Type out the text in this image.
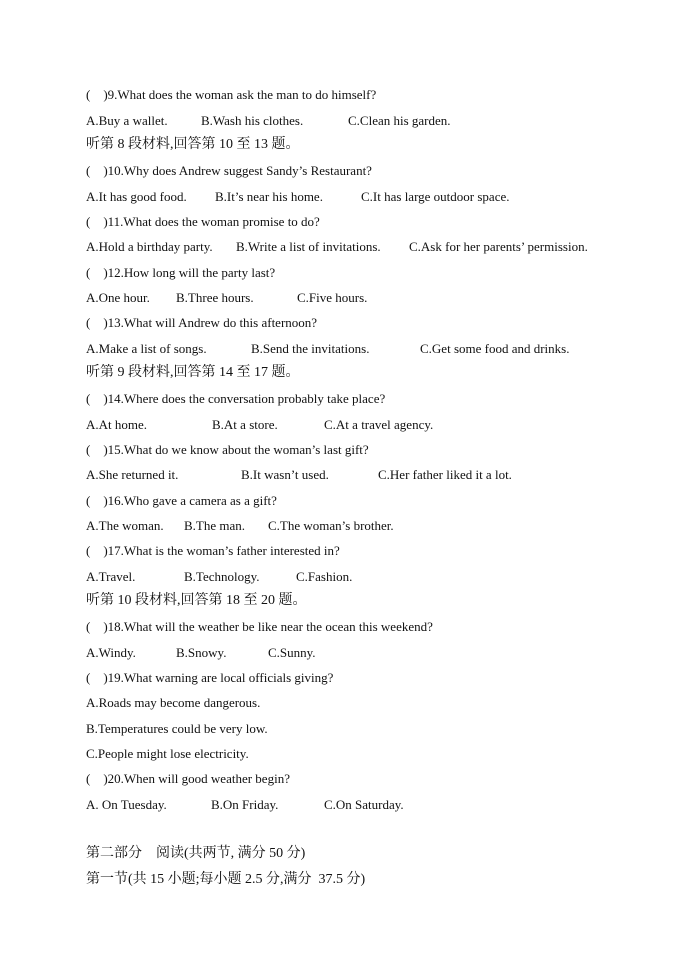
(    )9.What does the woman ask the man to do himself?
A.Buy a wallet.	B.Wash his clothes.	C.Clean his garden.
听第 8 段材料,回答第 10 至 13 题。
(    )10.Why does Andrew suggest Sandy’s Restaurant?
A.It has good food. B.It’s near his home.	C.It has large outdoor space.
(    )11.What does the woman promise to do?
A.Hold a birthday party. B.Write a list of invitations. C.Ask for her parents’ permission.
(    )12.How long will the party last?
A.One hour. B.Three hours.	C.Five hours.
(    )13.What will Andrew do this afternoon?
A.Make a list of songs.	B.Send the invitations.	C.Get some food and drinks.
听第 9 段材料,回答第 14 至 17 题。
(    )14.Where does the conversation probably take place?
A.At home.	B.At a store.	C.At a travel agency.
(    )15.What do we know about the woman’s last gift?
A.She returned it.	B.It wasn’t used.	C.Her father liked it a lot.
(    )16.Who gave a camera as a gift?
A.The woman. B.The man. C.The woman’s brother.
(    )17.What is the woman’s father interested in?
A.Travel.	B.Technology.	C.Fashion.
听第 10 段材料,回答第 18 至 20 题。
(    )18.What will the weather be like near the ocean this weekend?
A.Windy.	B.Snowy.	C.Sunny.
(    )19.What warning are local officials giving?
A.Roads may become dangerous.
B.Temperatures could be very low.
C.People might lose electricity.
(    )20.When will good weather begin?
A. On Tuesday.	B.On Friday.	C.On Saturday.
第二部分    阅读(共两节, 满分 50 分)
第一节(共 15 小题;每小题 2.5 分,满分  37.5 分)
